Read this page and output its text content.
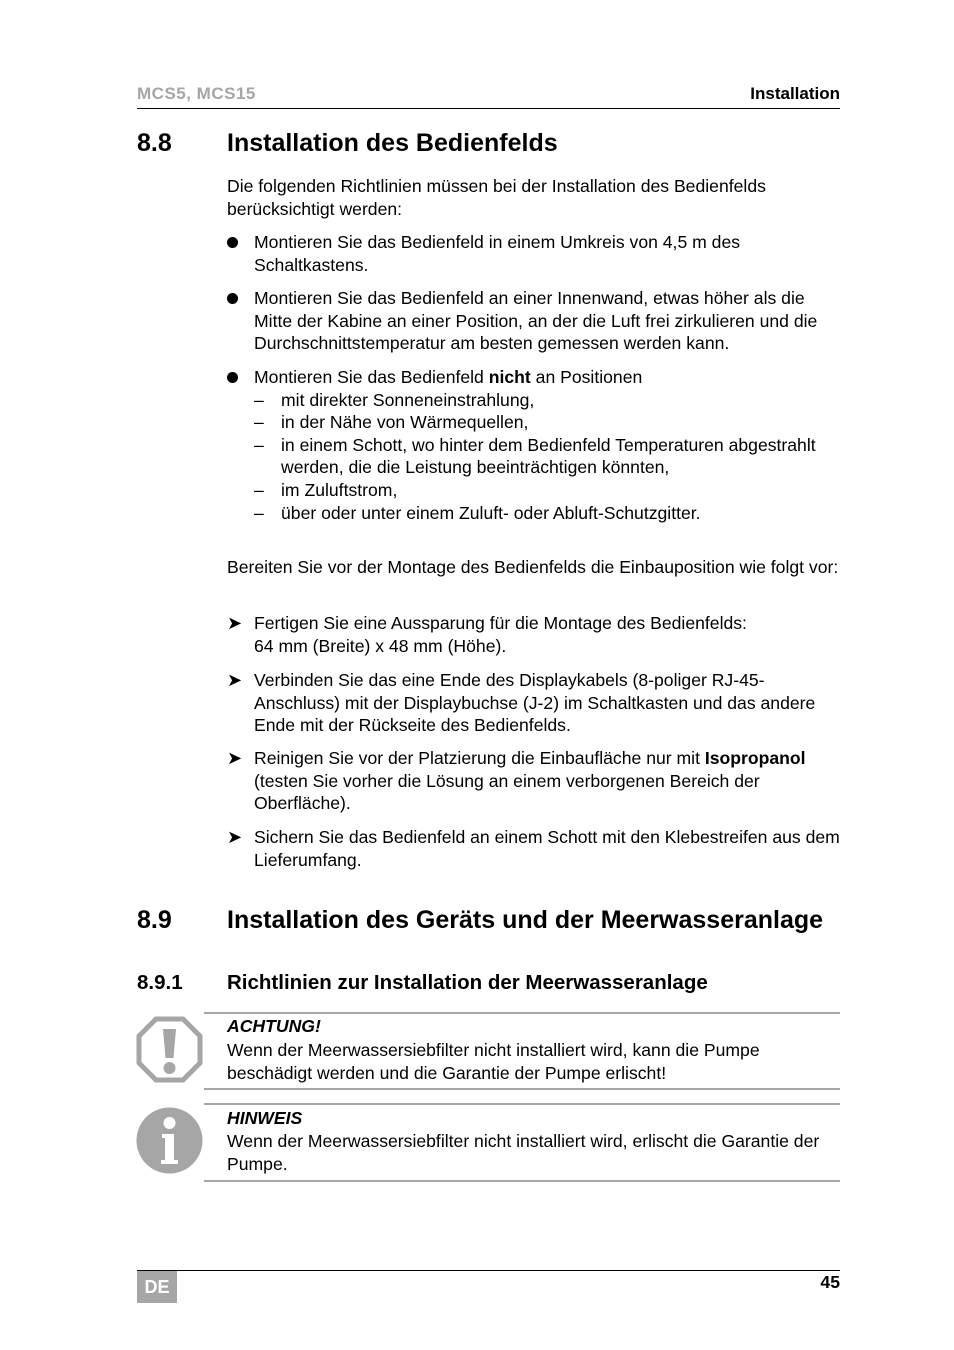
MCS5, MCS15	Installation
8.8 Installation des Bedienfelds
Die folgenden Richtlinien müssen bei der Installation des Bedienfelds berücksichtigt werden:
Montieren Sie das Bedienfeld in einem Umkreis von 4,5 m des Schaltkastens.
Montieren Sie das Bedienfeld an einer Innenwand, etwas höher als die Mitte der Kabine an einer Position, an der die Luft frei zirkulieren und die Durchschnittstemperatur am besten gemessen werden kann.
Montieren Sie das Bedienfeld nicht an Positionen
– mit direkter Sonneneinstrahlung,
– in der Nähe von Wärmequellen,
– in einem Schott, wo hinter dem Bedienfeld Temperaturen abgestrahlt werden, die die Leistung beeinträchtigen könnten,
– im Zuluftstrom,
– über oder unter einem Zuluft- oder Abluft-Schutzgitter.
Bereiten Sie vor der Montage des Bedienfelds die Einbauposition wie folgt vor:
➤ Fertigen Sie eine Aussparung für die Montage des Bedienfelds:
64 mm (Breite) x 48 mm (Höhe).
➤ Verbinden Sie das eine Ende des Displaykabels (8-poliger RJ-45-Anschluss) mit der Displaybuchse (J-2) im Schaltkasten und das andere Ende mit der Rückseite des Bedienfelds.
➤ Reinigen Sie vor der Platzierung die Einbaufläche nur mit Isopropanol (testen Sie vorher die Lösung an einem verborgenen Bereich der Oberfläche).
➤ Sichern Sie das Bedienfeld an einem Schott mit den Klebestreifen aus dem Lieferumfang.
8.9 Installation des Geräts und der Meerwasseranlage
8.9.1 Richtlinien zur Installation der Meerwasseranlage
ACHTUNG!
Wenn der Meerwassersiebfilter nicht installiert wird, kann die Pumpe beschädigt werden und die Garantie der Pumpe erlischt!
HINWEIS
Wenn der Meerwassersiebfilter nicht installiert wird, erlischt die Garantie der Pumpe.
DE	45
